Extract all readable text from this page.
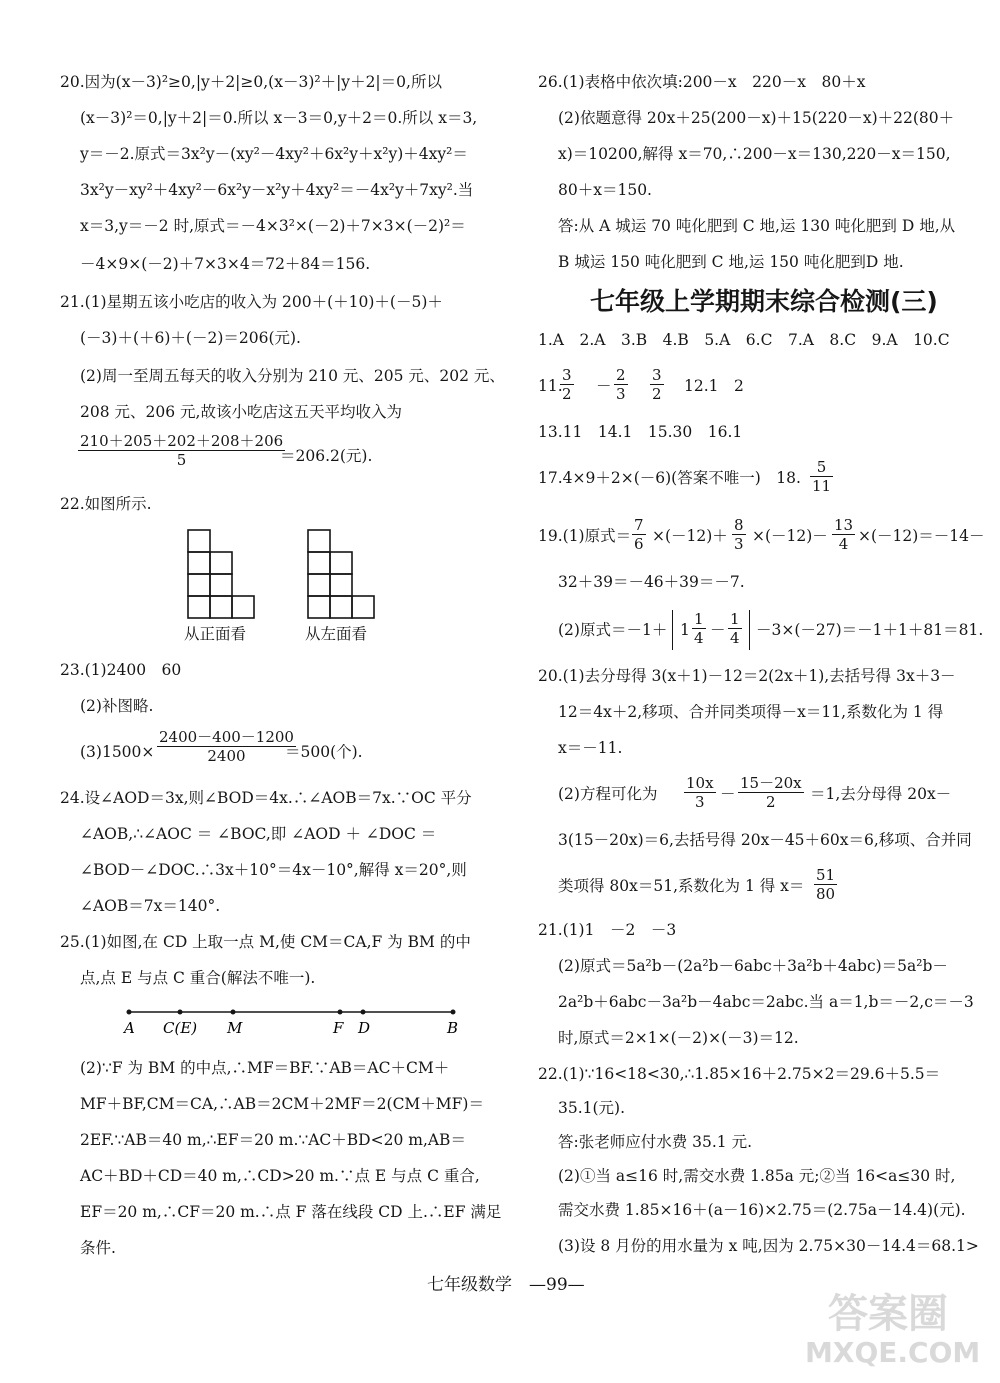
20.因为(x－3)²≥0,|y＋2|≥0,(x－3)²＋|y＋2|＝0,所以
(x－3)²＝0,|y＋2|＝0.所以 x－3＝0,y＋2＝0.所以 x＝3,
y＝－2.原式＝3x²y－(xy²－4xy²＋6x²y＋x²y)＋4xy²＝
3x²y－xy²＋4xy²－6x²y－x²y＋4xy²＝－4x²y＋7xy².当
x＝3,y＝－2 时,原式＝－4×3²×(－2)＋7×3×(－2)²＝
－4×9×(－2)＋7×3×4＝72＋84＝156.
21.(1)星期五该小吃店的收入为 200＋(＋10)＋(－5)＋
(－3)＋(＋6)＋(－2)＝206(元).
(2)周一至周五每天的收入分别为 210 元、205 元、202 元、
208 元、206 元,故该小吃店这五天平均收入为
$\frac{210+205+202+208+206}{5}$
＝206.2(元).
22.如图所示.
从正面看	从左面看
23.(1)2400　60
(2)补图略.
$(3)1500\times \frac{2400-400-1200}{2400}$
＝500(个).
24.设∠AOD＝3x,则∠BOD＝4x.∴∠AOB＝7x.∵OC 平分
∠AOB,∴∠AOC ＝ ∠BOC,即 ∠AOD ＋ ∠DOC ＝
∠BOD－∠DOC.∴3x＋10°＝4x－10°,解得 x＝20°,则
∠AOB＝7x＝140°.
25.(1)如图,在 CD 上取一点 M,使 CM＝CA,F 为 BM 的中
点,点 E 与点 C 重合(解法不唯一).
A C(E) M	F D	B
(2)∵F 为 BM 的中点,∴MF＝BF.∵AB＝AC＋CM＋
MF＋BF,CM＝CA,∴AB＝2CM＋2MF＝2(CM＋MF)＝
2EF.∵AB＝40 m,∴EF＝20 m.∵AC＋BD<20 m,AB＝
AC＋BD＋CD＝40 m,∴CD>20 m.∵点 E 与点 C 重合,
EF＝20 m,∴CF＝20 m.∴点 F 落在线段 CD 上.∴EF 满足
条件.
26.(1)表格中依次填:200－x　220－x　80＋x
(2)依题意得 20x＋25(200－x)＋15(220－x)＋22(80＋
x)＝10200,解得 x＝70,∴200－x＝130,220－x＝150,
80＋x＝150.
答:从 A 城运 70 吨化肥到 C 地,运 130 吨化肥到 D 地,从
B 城运 150 吨化肥到 C 地,运 150 吨化肥到D 地.
七年级上学期期末综合检测(三)
1.A　2.A　3.B　4.B　5.A　6.C　7.A　8.C　9.A　10.C
11.
$\frac{3}{2} - \frac{2}{3} \frac{3}{2} 12.1$　2
13.11　14.1　15.30　16.1
17.4×9＋2×(－6)(答案不唯一)　18. $\frac{5}{11}$
19.(1)原式＝ $\frac{7}{6} \times(-12)+ \frac{8}{3} \times(-12)- \frac{13}{4} \times(-12)=-14-$
32＋39＝－46＋39＝－7.
(2)原式$=-1+ 1 \frac{1}{4} - \frac{1}{4} -3\times(-27)=-1+1+81=81$.
20.(1)去分母得 3(x＋1)－12＝2(2x＋1),去括号得 3x＋3－
12＝4x＋2,移项、合并同类项得－x＝11,系数化为 1 得
x＝－11.
(2)方程可化为 $\frac{10x}{3} - \frac{15-20x}{2} =1$,去分母得 20x－
3(15－20x)＝6,去括号得 20x－45＋60x＝6,移项、合并同
类项得 80x＝51,系数化为 1 得 $x= \frac{51}{80}$
21.(1)1　－2　－3
(2)原式＝5a²b－(2a²b－6abc＋3a²b＋4abc)＝5a²b－
2a²b＋6abc－3a²b－4abc＝2abc.当 a＝1,b＝－2,c＝－3
时,原式＝2×1×(－2)×(－3)＝12.
22.(1)∵16<18<30,∴1.85×16＋2.75×2＝29.6＋5.5＝
35.1(元).
答:张老师应付水费 35.1 元.
(2)①当 a≤16 时,需交水费 1.85a 元;②当 16<a≤30 时,
需交水费 1.85×16＋(a－16)×2.75＝(2.75a－14.4)(元).
(3)设 8 月份的用水量为 x 吨,因为 2.75×30－14.4＝68.1>
七年级数学　—99—
答案圈
MXQE.COM
